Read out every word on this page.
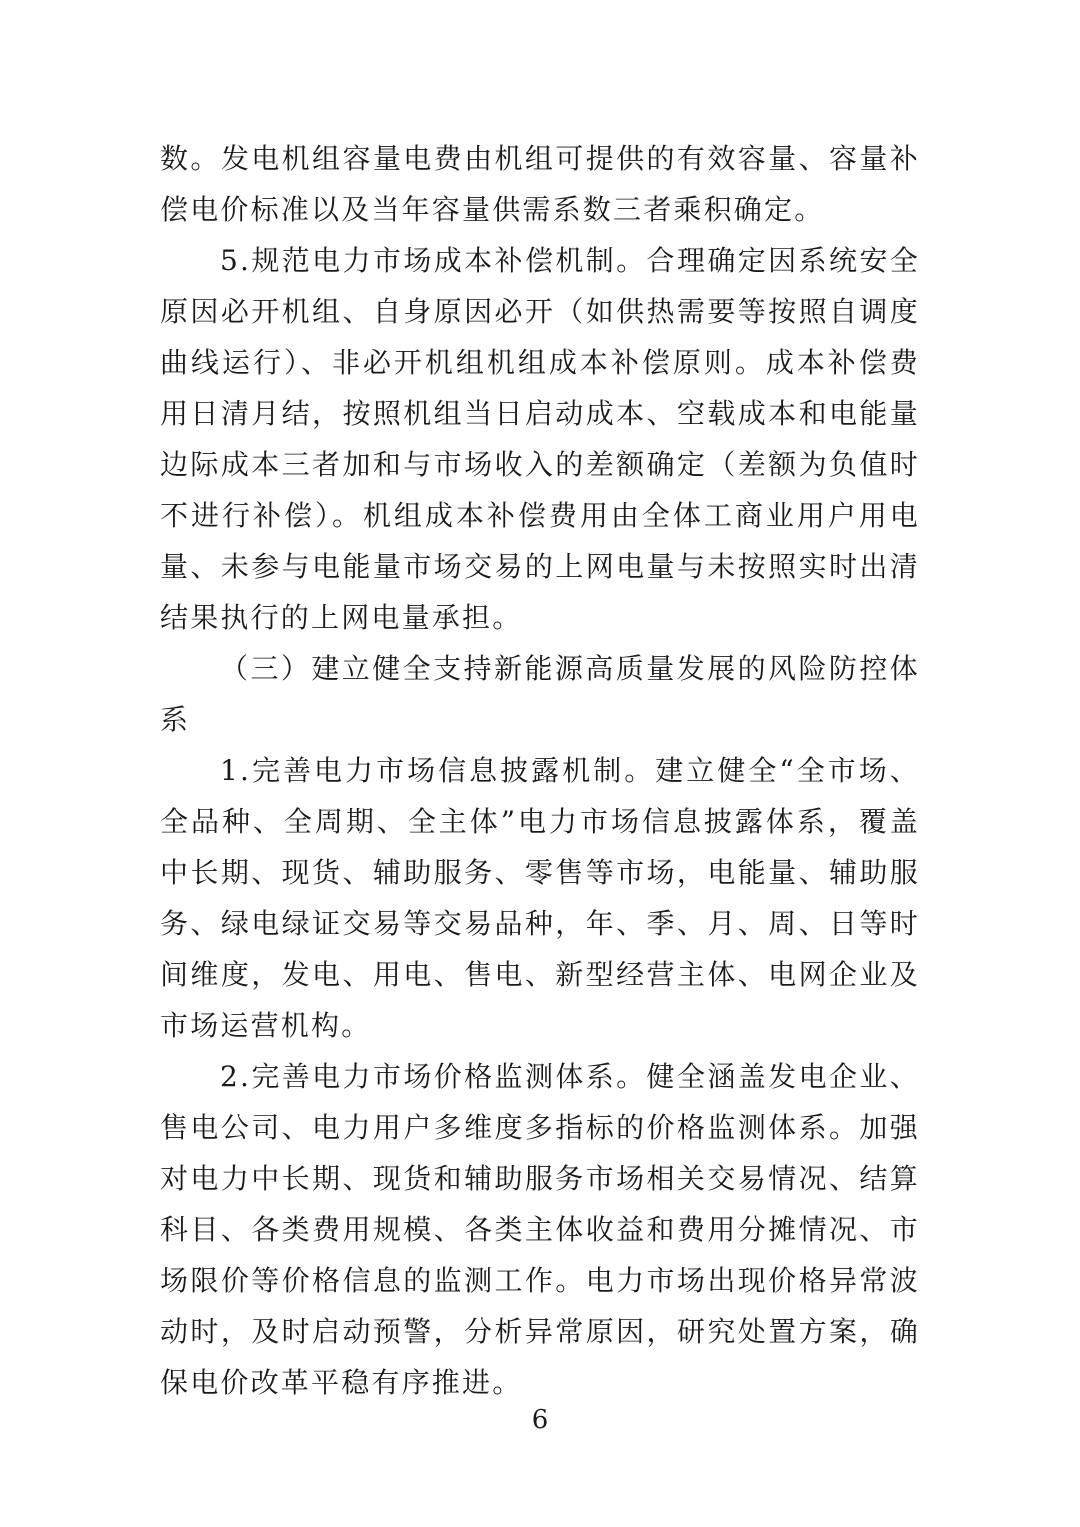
数。发电机组容量电费由机组可提供的有效容量、容量补偿电价标准以及当年容量供需系数三者乘积确定。

5.规范电力市场成本补偿机制。合理确定因系统安全原因必开机组、自身原因必开（如供热需要等按照自调度曲线运行）、非必开机组机组成本补偿原则。成本补偿费用日清月结，按照机组当日启动成本、空载成本和电能量边际成本三者加和与市场收入的差额确定（差额为负值时不进行补偿）。机组成本补偿费用由全体工商业用户用电量、未参与电能量市场交易的上网电量与未按照实时出清结果执行的上网电量承担。

（三）建立健全支持新能源高质量发展的风险防控体系

1.完善电力市场信息披露机制。建立健全“全市场、全品种、全周期、全主体”电力市场信息披露体系，覆盖中长期、现货、辅助服务、零售等市场，电能量、辅助服务、绿电绿证交易等交易品种，年、季、月、周、日等时间维度，发电、用电、售电、新型经营主体、电网企业及市场运营机构。

2.完善电力市场价格监测体系。健全涵盖发电企业、售电公司、电力用户多维度多指标的价格监测体系。加强对电力中长期、现货和辅助服务市场相关交易情况、结算科目、各类费用规模、各类主体收益和费用分摊情况、市场限价等价格信息的监测工作。电力市场出现价格异常波动时，及时启动预警，分析异常原因，研究处置方案，确保电价改革平稳有序推进。

6
